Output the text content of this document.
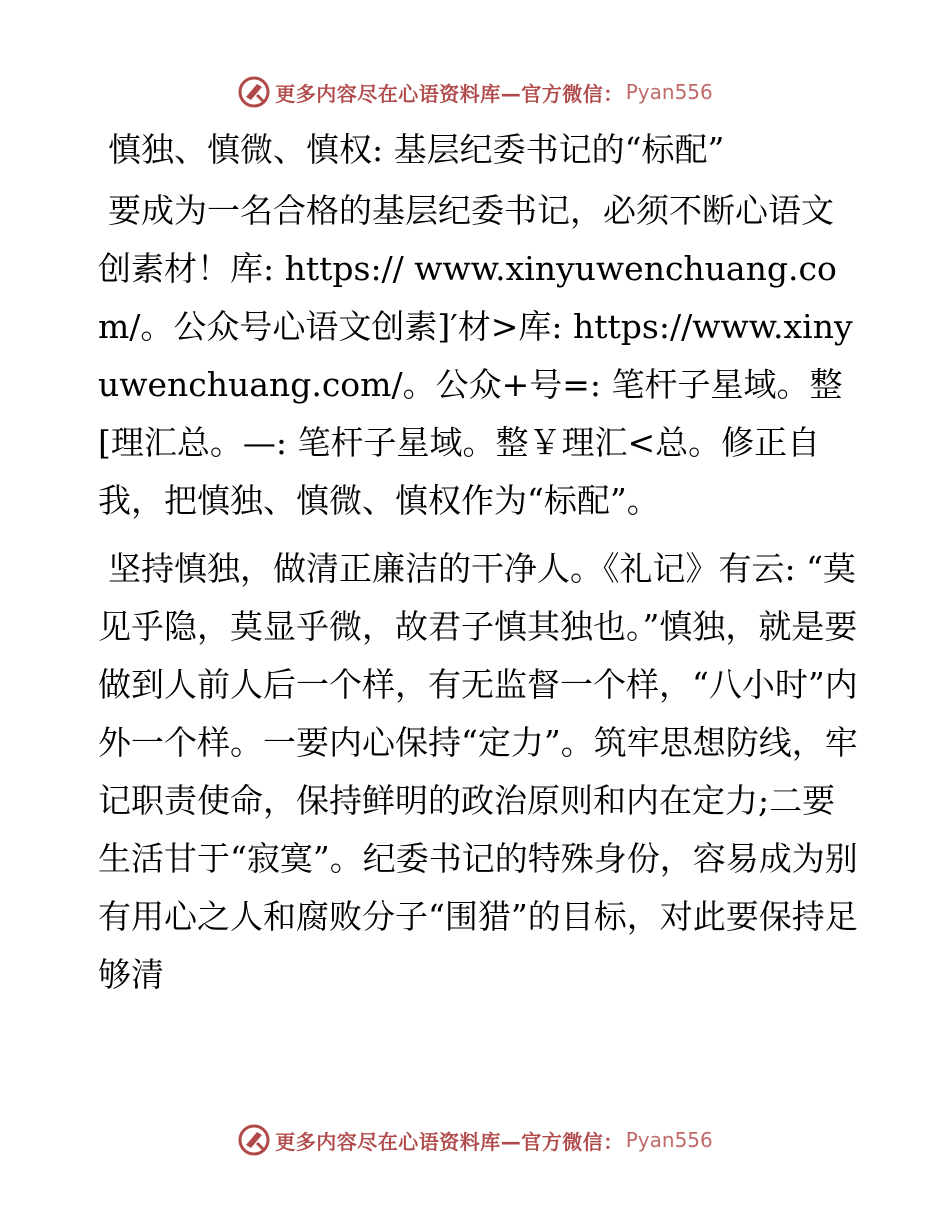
更多内容尽在心语资料库—官方微信： Pyan556
慎独、慎微、慎权: 基层纪委书记的“标配”

要成为一名合格的基层纪委书记，必须不断心语文创素材！库: https:// www.xinyuwenchuang.com/。公众号心语文创素]′材>库: https://www.xinyuwenchuang.com/。公众+号=: 笔杆子星域。整[理汇总。—: 笔杆子星域。整￥理汇<总。修正自我，把慎独、慎微、慎权作为“标配”。

坚持慎独，做清正廉洁的干净人。《礼记》有云: “莫见乎隐，莫显乎微，故君子慎其独也。”慎独，就是要做到人前人后一个样，有无监督一个样，“八小时”内外一个样。一要内心保持“定力”。筑牢思想防线，牢记职责使命，保持鲜明的政治原则和内在定力;二要生活甘于“寂寞”。纪委书记的特殊身份，容易成为别有用心之人和腐败分子“围猎”的目标，对此要保持足够清

更多内容尽在心语资料库—官方微信： Pyan556
